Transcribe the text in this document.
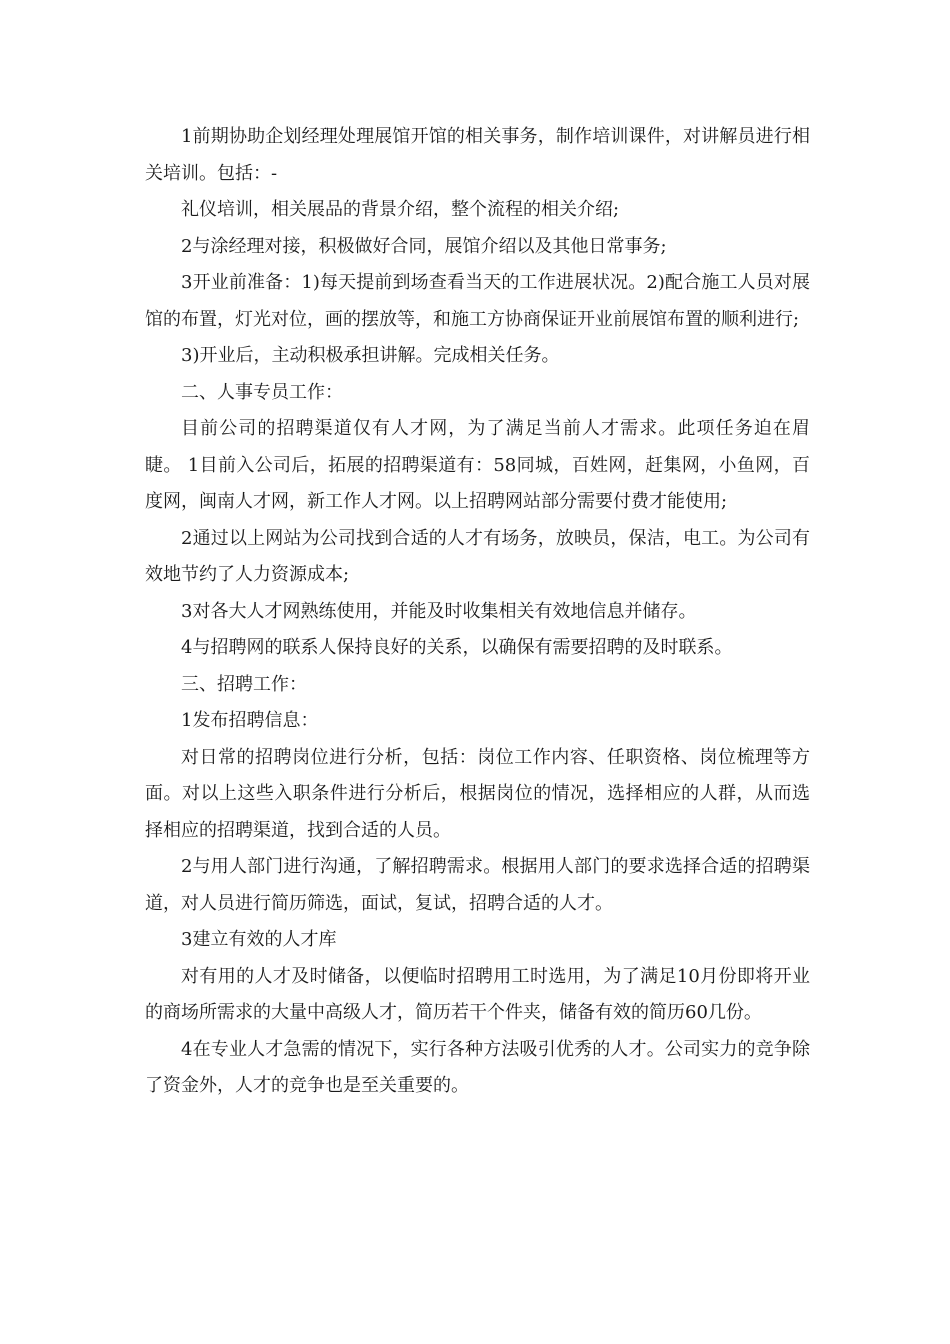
1前期协助企划经理处理展馆开馆的相关事务，制作培训课件，对讲解员进行相关培训。包括：-

礼仪培训，相关展品的背景介绍，整个流程的相关介绍;

2与涂经理对接，积极做好合同，展馆介绍以及其他日常事务;

3开业前准备：1)每天提前到场查看当天的工作进展状况。2)配合施工人员对展馆的布置，灯光对位，画的摆放等，和施工方协商保证开业前展馆布置的顺利进行;

3)开业后，主动积极承担讲解。完成相关任务。

二、人事专员工作：

目前公司的招聘渠道仅有人才网，为了满足当前人才需求。此项任务迫在眉睫。 1目前入公司后，拓展的招聘渠道有：58同城，百姓网，赶集网，小鱼网，百度网，闽南人才网，新工作人才网。以上招聘网站部分需要付费才能使用;

2通过以上网站为公司找到合适的人才有场务，放映员，保洁，电工。为公司有效地节约了人力资源成本;

3对各大人才网熟练使用，并能及时收集相关有效地信息并储存。

4与招聘网的联系人保持良好的关系，以确保有需要招聘的及时联系。

三、招聘工作：

1发布招聘信息：

对日常的招聘岗位进行分析，包括：岗位工作内容、任职资格、岗位梳理等方面。对以上这些入职条件进行分析后，根据岗位的情况，选择相应的人群，从而选择相应的招聘渠道，找到合适的人员。

2与用人部门进行沟通，了解招聘需求。根据用人部门的要求选择合适的招聘渠道，对人员进行简历筛选，面试，复试，招聘合适的人才。

3建立有效的人才库

对有用的人才及时储备，以便临时招聘用工时选用，为了满足10月份即将开业的商场所需求的大量中高级人才，简历若干个件夹，储备有效的简历60几份。

4在专业人才急需的情况下，实行各种方法吸引优秀的人才。公司实力的竞争除了资金外，人才的竞争也是至关重要的。
